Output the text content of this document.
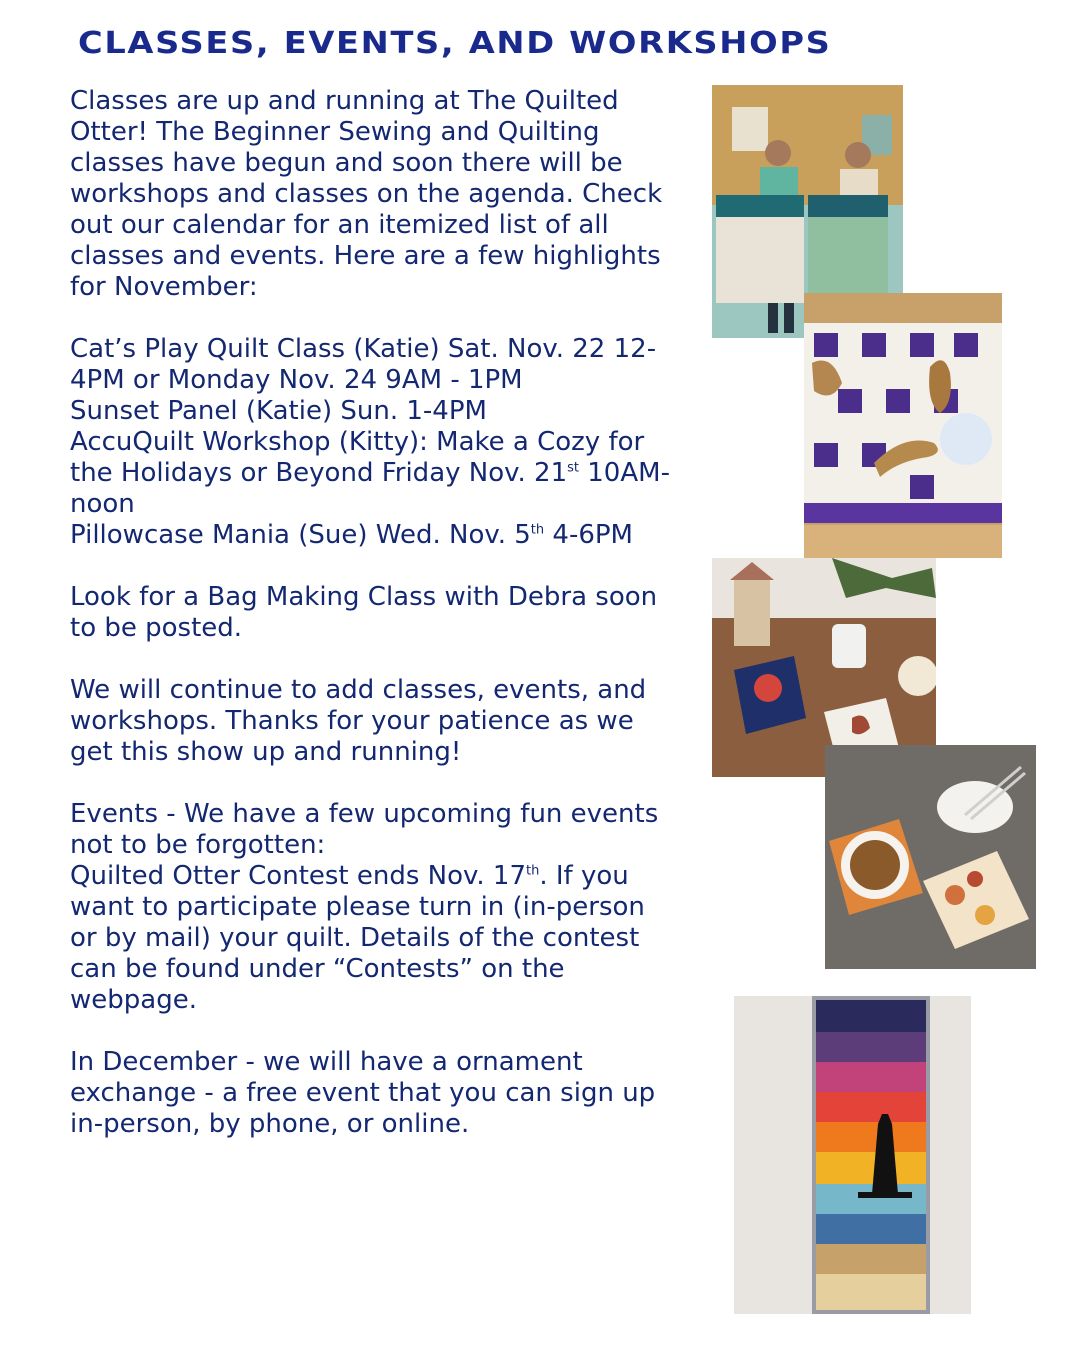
CLASSES, EVENTS, AND WORKSHOPS

Classes are up and running at The Quilted Otter! The Beginner Sewing and Quilting classes have begun and soon there will be workshops and classes on the agenda. Check out our calendar for an itemized list of all classes and events. Here are a few highlights for November:

Cat’s Play Quilt Class (Katie) Sat. Nov. 22 12-4PM or Monday Nov. 24 9AM - 1PM

Sunset Panel (Katie) Sun. 1-4PM

AccuQuilt Workshop (Kitty): Make a Cozy for the Holidays or Beyond Friday Nov. 21st 10AM-noon

Pillowcase Mania (Sue) Wed. Nov. 5th 4-6PM

Look for a Bag Making Class with Debra soon to be posted.

We will continue to add classes, events, and workshops. Thanks for your patience as we get this show up and running!

Events - We have a few upcoming fun events not to be forgotten:

Quilted Otter Contest ends Nov. 17th. If you want to participate please turn in (in-person or by mail) your quilt. Details of the contest can be found under “Contests” on the webpage.

In December - we will have a ornament exchange - a free event that you can sign up in-person, by phone, or online.
